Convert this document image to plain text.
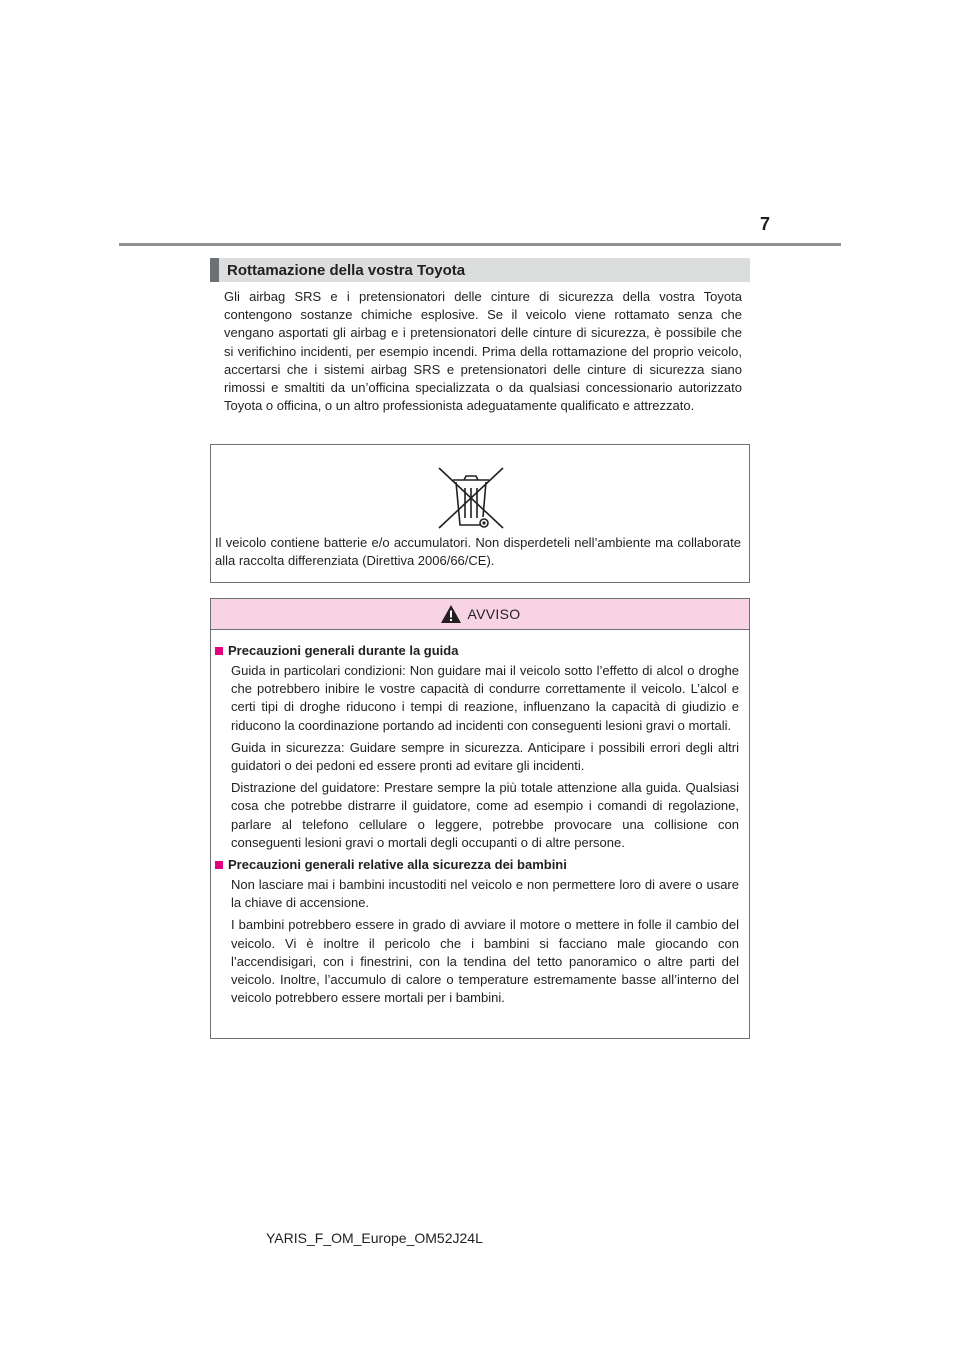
7
Rottamazione della vostra Toyota

Gli airbag SRS e i pretensionatori delle cinture di sicurezza della vostra Toyota contengono sostanze chimiche esplosive. Se il veicolo viene rottamato senza che vengano asportati gli airbag e i pretensionatori delle cinture di sicurezza, è possibile che si verifichino incidenti, per esempio incendi. Prima della rottamazione del proprio veicolo, accertarsi che i sistemi airbag SRS e pretensionatori delle cinture di sicurezza siano rimossi e smaltiti da un’officina specializzata o da qualsiasi concessionario autorizzato Toyota o officina, o un altro professionista adeguatamente qualificato e attrezzato.

Il veicolo contiene batterie e/o accumulatori. Non disperdeteli nell’ambiente ma collaborate alla raccolta differenziata (Direttiva 2006/66/CE).

AVVISO
Precauzioni generali durante la guida

Guida in particolari condizioni: Non guidare mai il veicolo sotto l’effetto di alcol o droghe che potrebbero inibire le vostre capacità di condurre correttamente il veicolo. L’alcol e certi tipi di droghe riducono i tempi di reazione, influenzano la capacità di giudizio e riducono la coordinazione portando ad incidenti con conseguenti lesioni gravi o mortali.

Guida in sicurezza: Guidare sempre in sicurezza. Anticipare i possibili errori degli altri guidatori o dei pedoni ed essere pronti ad evitare gli incidenti.

Distrazione del guidatore: Prestare sempre la più totale attenzione alla guida. Qualsiasi cosa che potrebbe distrarre il guidatore, come ad esempio i comandi di regolazione, parlare al telefono cellulare o leggere, potrebbe provocare una collisione con conseguenti lesioni gravi o mortali degli occupanti o di altre persone.

Precauzioni generali relative alla sicurezza dei bambini

Non lasciare mai i bambini incustoditi nel veicolo e non permettere loro di avere o usare la chiave di accensione.

I bambini potrebbero essere in grado di avviare il motore o mettere in folle il cambio del veicolo. Vi è inoltre il pericolo che i bambini si facciano male giocando con l’accendisigari, con i finestrini, con la tendina del tetto panoramico o altre parti del veicolo. Inoltre, l’accumulo di calore o temperature estremamente basse all’interno del veicolo potrebbero essere mortali per i bambini.

YARIS_F_OM_Europe_OM52J24L
